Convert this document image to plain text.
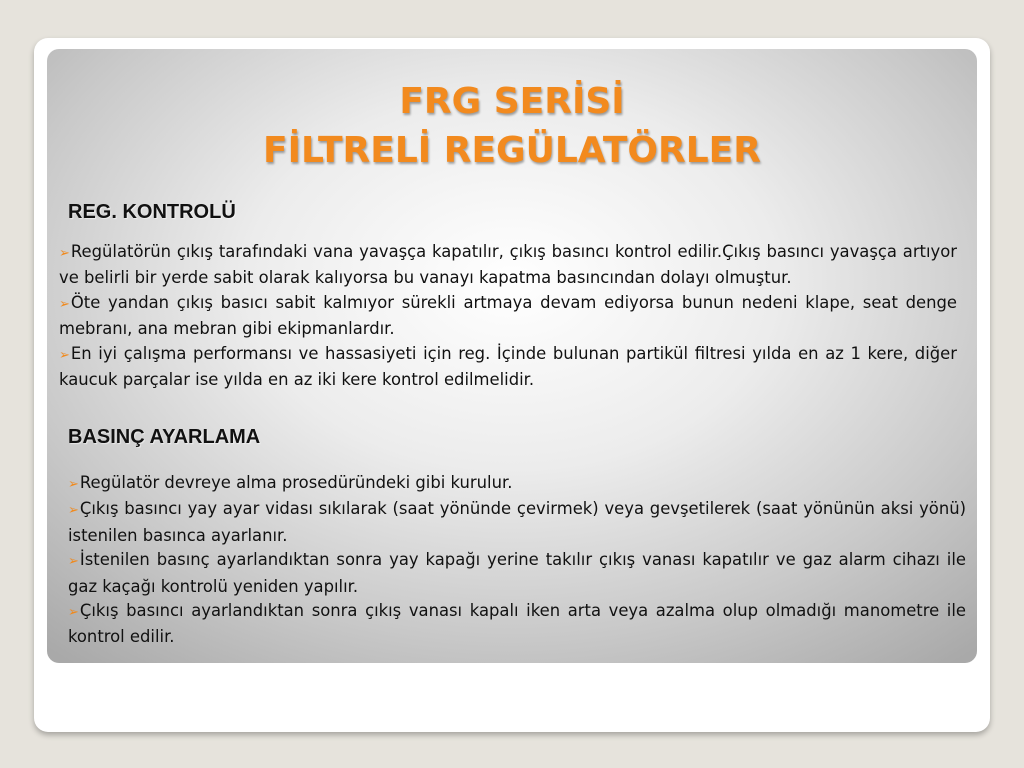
FRG SERİSİ
FİLTRELİ REGÜLATÖRLER
REG. KONTROLÜ
➢Regülatörün çıkış tarafındaki vana yavaşça kapatılır, çıkış basıncı kontrol edilir.Çıkış basıncı yavaşça artıyor ve belirli bir yerde sabit olarak kalıyorsa bu vanayı kapatma basıncından dolayı olmuştur.
➢Öte yandan çıkış basıcı sabit kalmıyor sürekli artmaya devam ediyorsa bunun nedeni klape, seat denge mebranı, ana mebran gibi ekipmanlardır.
➢En iyi çalışma performansı ve hassasiyeti için reg. İçinde bulunan partikül filtresi yılda en az 1 kere, diğer kaucuk parçalar ise yılda en az iki kere kontrol edilmelidir.
BASINÇ AYARLAMA
➢Regülatör devreye alma prosedüründeki gibi kurulur.
➢Çıkış basıncı yay ayar vidası sıkılarak (saat yönünde çevirmek) veya gevşetilerek (saat yönünün aksi yönü) istenilen basınca ayarlanır.
➢İstenilen basınç ayarlandıktan sonra yay kapağı yerine takılır çıkış vanası kapatılır ve gaz alarm cihazı ile gaz kaçağı kontrolü yeniden yapılır.
➢Çıkış basıncı ayarlandıktan sonra çıkış vanası kapalı iken arta veya azalma olup olmadığı manometre ile kontrol edilir.
